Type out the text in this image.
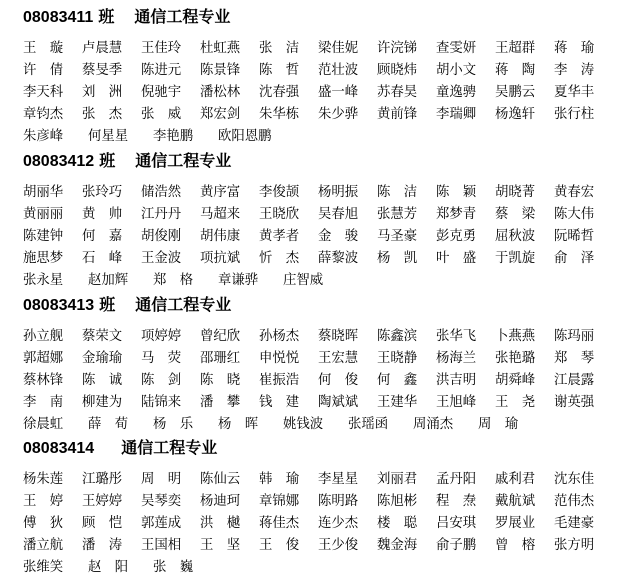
08083411 班 通信工程专业
王　璇	卢晨慧	王佳玲	杜虹燕	张　洁	梁佳妮	许浣锑	查雯妍	王超群	蒋　瑜
许　倩	蔡旻季	陈进元	陈景锋	陈　哲	范壮波	顾晓炜	胡小文	蒋　陶	李　涛
李天科	刘　洲	倪驰宇	潘松林	沈春强	盛一峰	苏春昊	童逸骋	吴鹏云	夏华丰
章钧杰	张　杰	张　威	郑宏剑	朱华栋	朱少骅	黄前锋	李瑞卿	杨逸轩	张行柱
朱彦峰	何星星	李艳鹏	欧阳恩鹏
08083412 班 通信工程专业
胡丽华	张玲巧	储浩然	黄序富	李俊颉	杨明振	陈　洁	陈　颖	胡晓菁	黄春宏
黄丽丽	黄　帅	江丹丹	马超来	王晓欣	吴春旭	张慧芳	郑梦青	蔡　梁	陈大伟
陈建钟	何　嘉	胡俊刚	胡伟康	黄孝者	金　骏	马圣豪	彭克勇	屈秋波	阮晞哲
施思梦	石　峰	王金波	项抗斌	忻　杰	薛黎波	杨　凯	叶　盛	于凯旋	俞　泽
张永星	赵加辉	郑　格	章谦骅	庄智威
08083413 班 通信工程专业
孙立舰	蔡荣文	项婷婷	曾纪欣	孙杨杰	蔡晓晖	陈鑫滨	张华飞	卜燕燕	陈玛丽
郭超娜	金瑜瑜	马　荧	邵珊红	申悦悦	王宏慧	王晓静	杨海兰	张艳璐	郑　琴
蔡林锋	陈　诚	陈　剑	陈　晓	崔振浩	何　俊	何　鑫	洪吉明	胡舜峰	江晨露
李　南	柳建为	陆锦来	潘　攀	钱　建	陶斌斌	王建华	王旭峰	王　尧	谢英强
徐晨虹	薛　荀	杨　乐	杨　晖	姚钱波	张瑶函	周涌杰	周　瑜
08083414 通信工程专业
杨朱莲	江璐彤	周　明	陈仙云	韩　瑜	李星星	刘丽君	孟丹阳	戚利君	沈东佳
王　婷	王婷婷	吴琴奕	杨迪珂	章锦娜	陈明路	陈旭彬	程　焘	戴航斌	范伟杰
傅　狄	顾　恺	郭莲成	洪　樾	蒋佳杰	连少杰	楼　聪	吕安琪	罗展业	毛建豪
潘立航	潘　涛	王国相	王　坚	王　俊	王少俊	魏金海	俞子鹏	曾　榕	张方明
张维笑	赵　阳	张　巍
